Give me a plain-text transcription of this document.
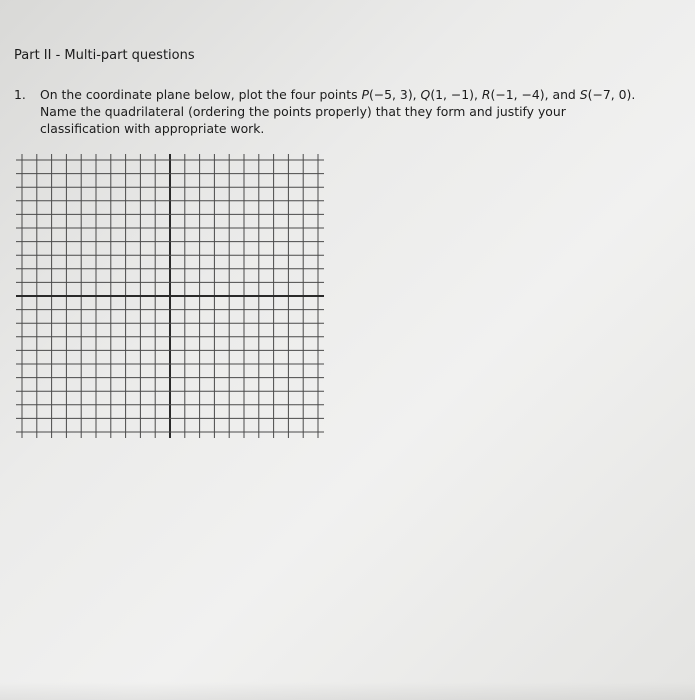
Part II - Multi-part questions
1. On the coordinate plane below, plot the four points P(−5, 3), Q(1, −1), R(−1, −4), and S(−7, 0). Name the quadrilateral (ordering the points properly) that they form and justify your classification with appropriate work.
